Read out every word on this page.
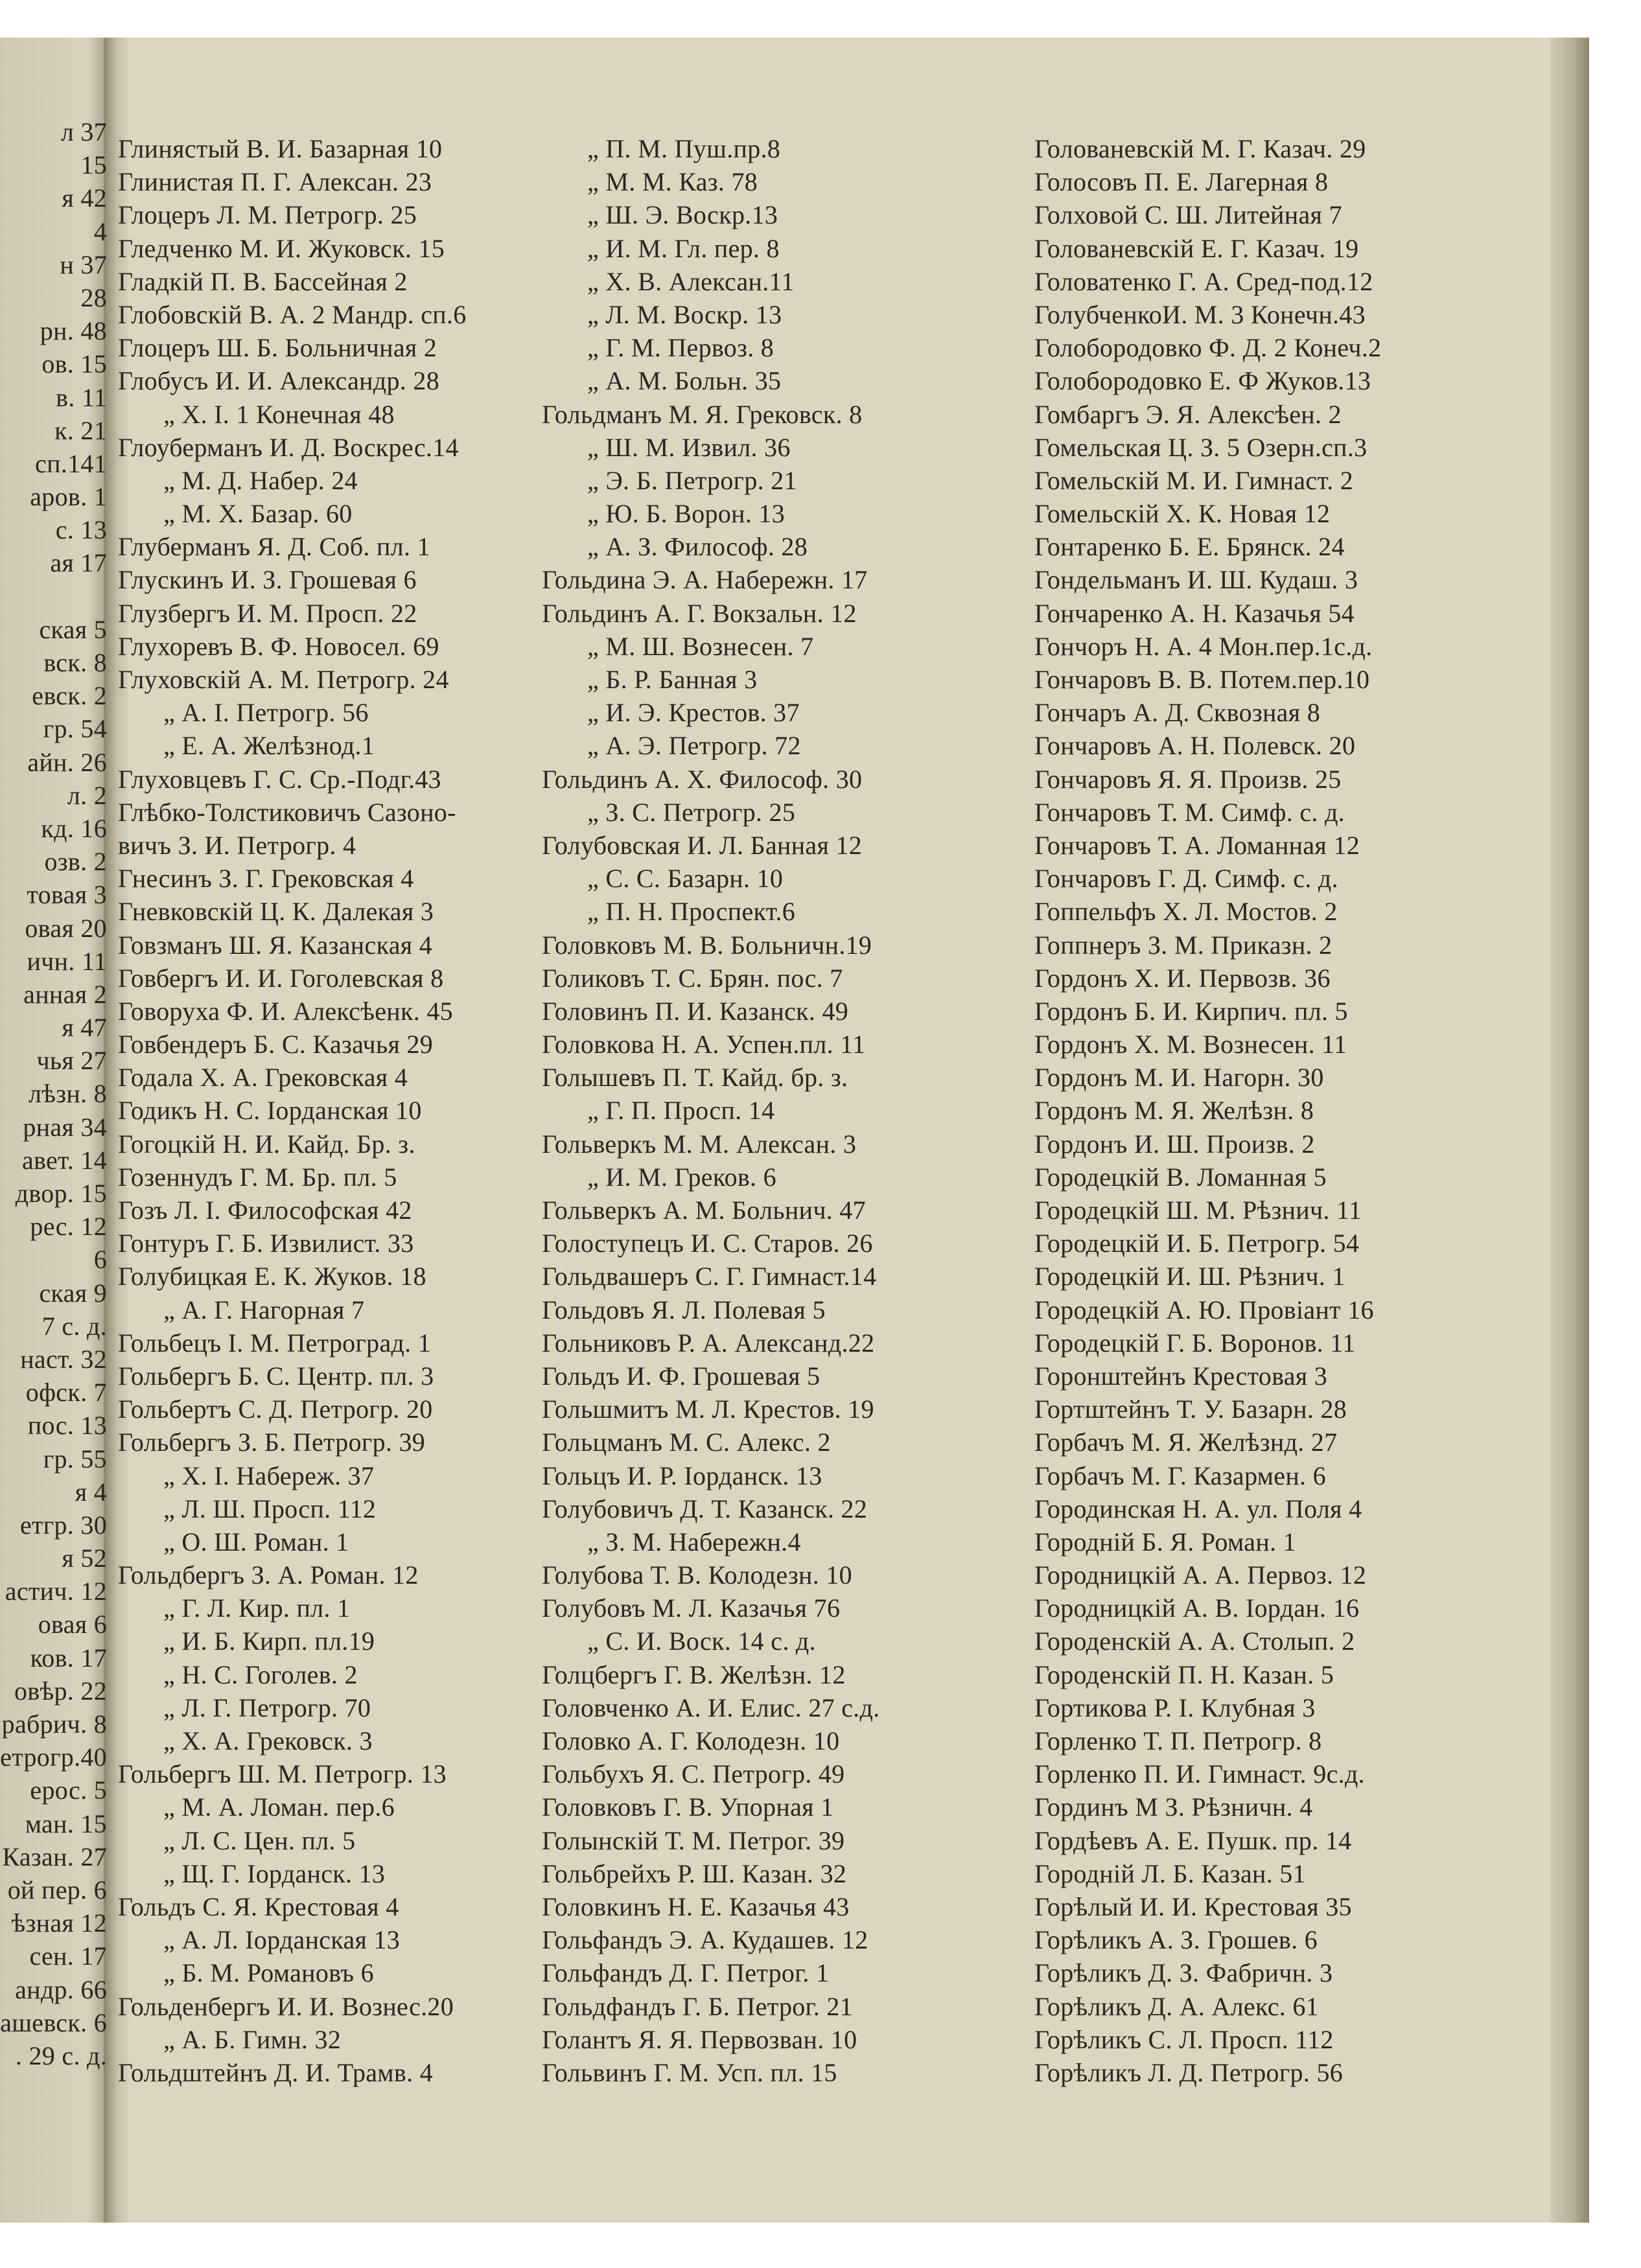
л 37
15
я 42
4
н 37
28
рн. 48
ов. 15
в. 11
к. 21
сп.141
аров. 1
с. 13
ая 17
ская 5
вск. 8
евск. 2
гр. 54
айн. 26
л. 2
кд. 16
озв. 2
товая 3
овая 20
ичн. 11
анная 2
я 47
чья 27
лѣзн. 8
рная 34
авет. 14
двор. 15
рес. 12
6
ская 9
7 с. д.
наст. 32
офск. 7
пос. 13
гр. 55
я 4
етгр. 30
я 52
астич. 12
овая 6
ков. 17
овѣр. 22
рабрич. 8
етрогр.40
ерос. 5
ман. 15
Казан. 27
ой пер. 6
ѣзная 12
сен. 17
андр. 66
ашевск. 6
. 29 с. д.
Глинястый В. И. Базарная 10
Глинистая П. Г. Алексан. 23
Глоцеръ Л. М. Петрогр. 25
Гледченко М. И. Жуковск. 15
Гладкій П. В. Бассейная 2
Глобовскій В. А. 2 Мандр. сп.6
Глоцеръ Ш. Б. Больничная 2
Глобусъ И. И. Александр. 28
„ Х. І. 1 Конечная 48
Глоуберманъ И. Д. Воскрес.14
„ М. Д. Набер. 24
„ М. Х. Базар. 60
Глуберманъ Я. Д. Соб. пл. 1
Глускинъ И. З. Грошевая 6
Глузбергъ И. М. Просп. 22
Глухоревъ В. Ф. Новосел. 69
Глуховскій А. М. Петрогр. 24
„ А. І. Петрогр. 56
„ Е. А. Желѣзнод.1
Глуховцевъ Г. С. Ср.-Подг.43
Глѣбко-Толстиковичъ Сазоно-
вичъ З. И. Петрогр. 4
Гнесинъ З. Г. Грековская 4
Гневковскій Ц. К. Далекая 3
Говзманъ Ш. Я. Казанская 4
Говбергъ И. И. Гоголевская 8
Говоруха Ф. И. Алексѣенк. 45
Говбендеръ Б. С. Казачья 29
Годала Х. А. Грековская 4
Годикъ Н. С. Іорданская 10
Гогоцкій Н. И. Кайд. Бр. з.
Гозеннудъ Г. М. Бр. пл. 5
Гозъ Л. І. Философская 42
Гонтуръ Г. Б. Извилист. 33
Голубицкая Е. К. Жуков. 18
„ А. Г. Нагорная 7
Гольбецъ І. М. Петроград. 1
Гольбергъ Б. С. Центр. пл. 3
Гольбертъ С. Д. Петрогр. 20
Гольбергъ З. Б. Петрогр. 39
„ Х. І. Набереж. 37
„ Л. Ш. Просп. 112
„ О. Ш. Роман. 1
Гольдбергъ З. А. Роман. 12
„ Г. Л. Кир. пл. 1
„ И. Б. Кирп. пл.19
„ Н. С. Гоголев. 2
„ Л. Г. Петрогр. 70
„ Х. А. Грековск. 3
Гольбергъ Ш. М. Петрогр. 13
„ М. А. Ломан. пер.6
„ Л. С. Цен. пл. 5
„ Щ. Г. Іорданск. 13
Гольдъ С. Я. Крестовая 4
„ А. Л. Іорданская 13
„ Б. М. Романовъ 6
Гольденбергъ И. И. Вознес.20
„ А. Б. Гимн. 32
Гольдштейнъ Д. И. Трамв. 4
„ П. М. Пуш.пр.8
„ М. М. Каз. 78
„ Ш. Э. Воскр.13
„ И. М. Гл. пер. 8
„ Х. В. Алексан.11
„ Л. М. Воскр. 13
„ Г. М. Первоз. 8
„ А. М. Больн. 35
Гольдманъ М. Я. Грековск. 8
„ Ш. М. Извил. 36
„ Э. Б. Петрогр. 21
„ Ю. Б. Ворон. 13
„ А. З. Философ. 28
Гольдина Э. А. Набережн. 17
Гольдинъ А. Г. Вокзальн. 12
„ М. Ш. Вознесен. 7
„ Б. Р. Банная 3
„ И. Э. Крестов. 37
„ А. Э. Петрогр. 72
Гольдинъ А. Х. Философ. 30
„ З. С. Петрогр. 25
Голубовская И. Л. Банная 12
„ С. С. Базарн. 10
„ П. Н. Проспект.6
Головковъ М. В. Больничн.19
Голиковъ Т. С. Брян. пос. 7
Головинъ П. И. Казанск. 49
Головкова Н. А. Успен.пл. 11
Голышевъ П. Т. Кайд. бр. з.
„ Г. П. Просп. 14
Гольверкъ М. М. Алексан. 3
„ И. М. Греков. 6
Гольверкъ А. М. Больнич. 47
Голоступецъ И. С. Старов. 26
Гольдвашеръ С. Г. Гимнаст.14
Гольдовъ Я. Л. Полевая 5
Гольниковъ Р. А. Александ.22
Гольдъ И. Ф. Грошевая 5
Гольшмитъ М. Л. Крестов. 19
Гольцманъ М. С. Алекс. 2
Гольцъ И. Р. Іорданск. 13
Голубовичъ Д. Т. Казанск. 22
„ З. М. Набережн.4
Голубова Т. В. Колодезн. 10
Голубовъ М. Л. Казачья 76
„ С. И. Воск. 14 с. д.
Голцбергъ Г. В. Желѣзн. 12
Головченко А. И. Елис. 27 с.д.
Головко А. Г. Колодезн. 10
Гольбухъ Я. С. Петрогр. 49
Головковъ Г. В. Упорная 1
Голынскій Т. М. Петрог. 39
Гольбрейхъ Р. Ш. Казан. 32
Головкинъ Н. Е. Казачья 43
Гольфандъ Э. А. Кудашев. 12
Гольфандъ Д. Г. Петрог. 1
Гольдфандъ Г. Б. Петрог. 21
Голантъ Я. Я. Первозван. 10
Гольвинъ Г. М. Усп. пл. 15
Голованевскій М. Г. Казач. 29
Голосовъ П. Е. Лагерная 8
Голховой С. Ш. Литейная 7
Голованевскій Е. Г. Казач. 19
Головатенко Г. А. Сред-под.12
ГолубченкоИ. М. 3 Конечн.43
Голобородовко Ф. Д. 2 Конеч.2
Голобородовко Е. Ф Жуков.13
Гомбаргъ Э. Я. Алексѣен. 2
Гомельская Ц. З. 5 Озерн.сп.3
Гомельскій М. И. Гимнаст. 2
Гомельскій Х. К. Новая 12
Гонтаренко Б. Е. Брянск. 24
Гондельманъ И. Ш. Кудаш. 3
Гончаренко А. Н. Казачья 54
Гончоръ Н. А. 4 Мон.пер.1с.д.
Гончаровъ В. В. Потем.пер.10
Гончаръ А. Д. Сквозная 8
Гончаровъ А. Н. Полевск. 20
Гончаровъ Я. Я. Произв. 25
Гончаровъ Т. М. Симф. с. д.
Гончаровъ Т. А. Ломанная 12
Гончаровъ Г. Д. Симф. с. д.
Гоппельфъ Х. Л. Мостов. 2
Гоппнеръ З. М. Приказн. 2
Гордонъ Х. И. Первозв. 36
Гордонъ Б. И. Кирпич. пл. 5
Гордонъ Х. М. Вознесен. 11
Гордонъ М. И. Нагорн. 30
Гордонъ М. Я. Желѣзн. 8
Гордонъ И. Ш. Произв. 2
Городецкій В. Ломанная 5
Городецкій Ш. М. Рѣзнич. 11
Городецкій И. Б. Петрогр. 54
Городецкій И. Ш. Рѣзнич. 1
Городецкій А. Ю. Провіант 16
Городецкій Г. Б. Воронов. 11
Горонштейнъ Крестовая 3
Гортштейнъ Т. У. Базарн. 28
Горбачъ М. Я. Желѣзнд. 27
Горбачъ М. Г. Казармен. 6
Городинская Н. А. ул. Поля 4
Городній Б. Я. Роман. 1
Городницкій А. А. Первоз. 12
Городницкій А. В. Іордан. 16
Городенскій А. А. Столып. 2
Городенскій П. Н. Казан. 5
Гортикова Р. І. Клубная 3
Горленко Т. П. Петрогр. 8
Горленко П. И. Гимнаст. 9с.д.
Гординъ М З. Рѣзничн. 4
Гордѣевъ А. Е. Пушк. пр. 14
Городній Л. Б. Казан. 51
Горѣлый И. И. Крестовая 35
Горѣликъ А. З. Грошев. 6
Горѣликъ Д. З. Фабричн. 3
Горѣликъ Д. А. Алекс. 61
Горѣликъ С. Л. Просп. 112
Горѣликъ Л. Д. Петрогр. 56
